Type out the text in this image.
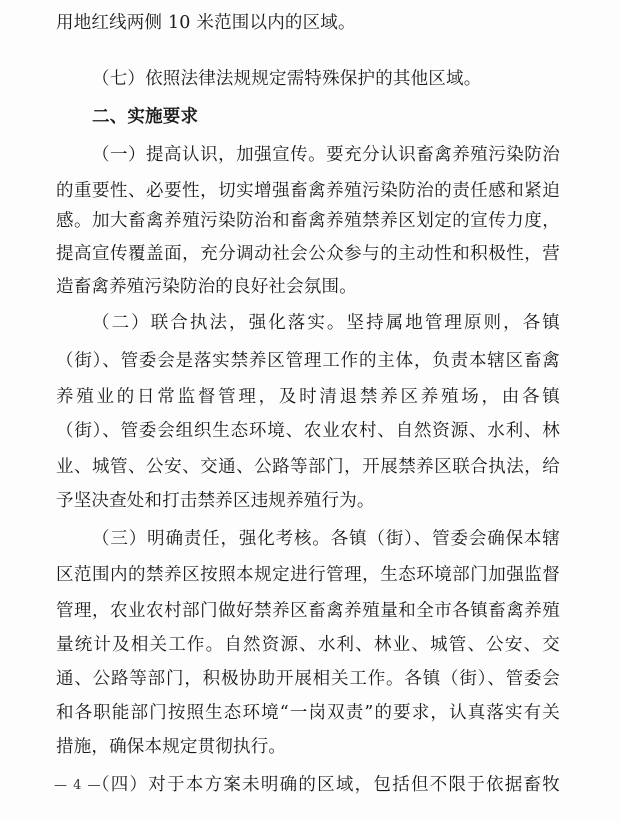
用地红线两侧 10 米范围以内的区域。
（七）依照法律法规规定需特殊保护的其他区域。
二、实施要求
（一）提高认识，加强宣传。要充分认识畜禽养殖污染防治
的重要性、必要性，切实增强畜禽养殖污染防治的责任感和紧迫
感。加大畜禽养殖污染防治和畜禽养殖禁养区划定的宣传力度，
提高宣传覆盖面，充分调动社会公众参与的主动性和积极性，营
造畜禽养殖污染防治的良好社会氛围。
（二）联合执法，强化落实。坚持属地管理原则，各镇
（街）、管委会是落实禁养区管理工作的主体，负责本辖区畜禽
养殖业的日常监督管理，及时清退禁养区养殖场，由各镇
（街）、管委会组织生态环境、农业农村、自然资源、水利、林
业、城管、公安、交通、公路等部门，开展禁养区联合执法，给
予坚决查处和打击禁养区违规养殖行为。
（三）明确责任，强化考核。各镇（街）、管委会确保本辖
区范围内的禁养区按照本规定进行管理，生态环境部门加强监督
管理，农业农村部门做好禁养区畜禽养殖量和全市各镇畜禽养殖
量统计及相关工作。自然资源、水利、林业、城管、公安、交
通、公路等部门，积极协助开展相关工作。各镇（街）、管委会
和各职能部门按照生态环境“一岗双责”的要求，认真落实有关
措施，确保本规定贯彻执行。
（四）对于本方案未明确的区域，包括但不限于依据畜牧
— 4 —
